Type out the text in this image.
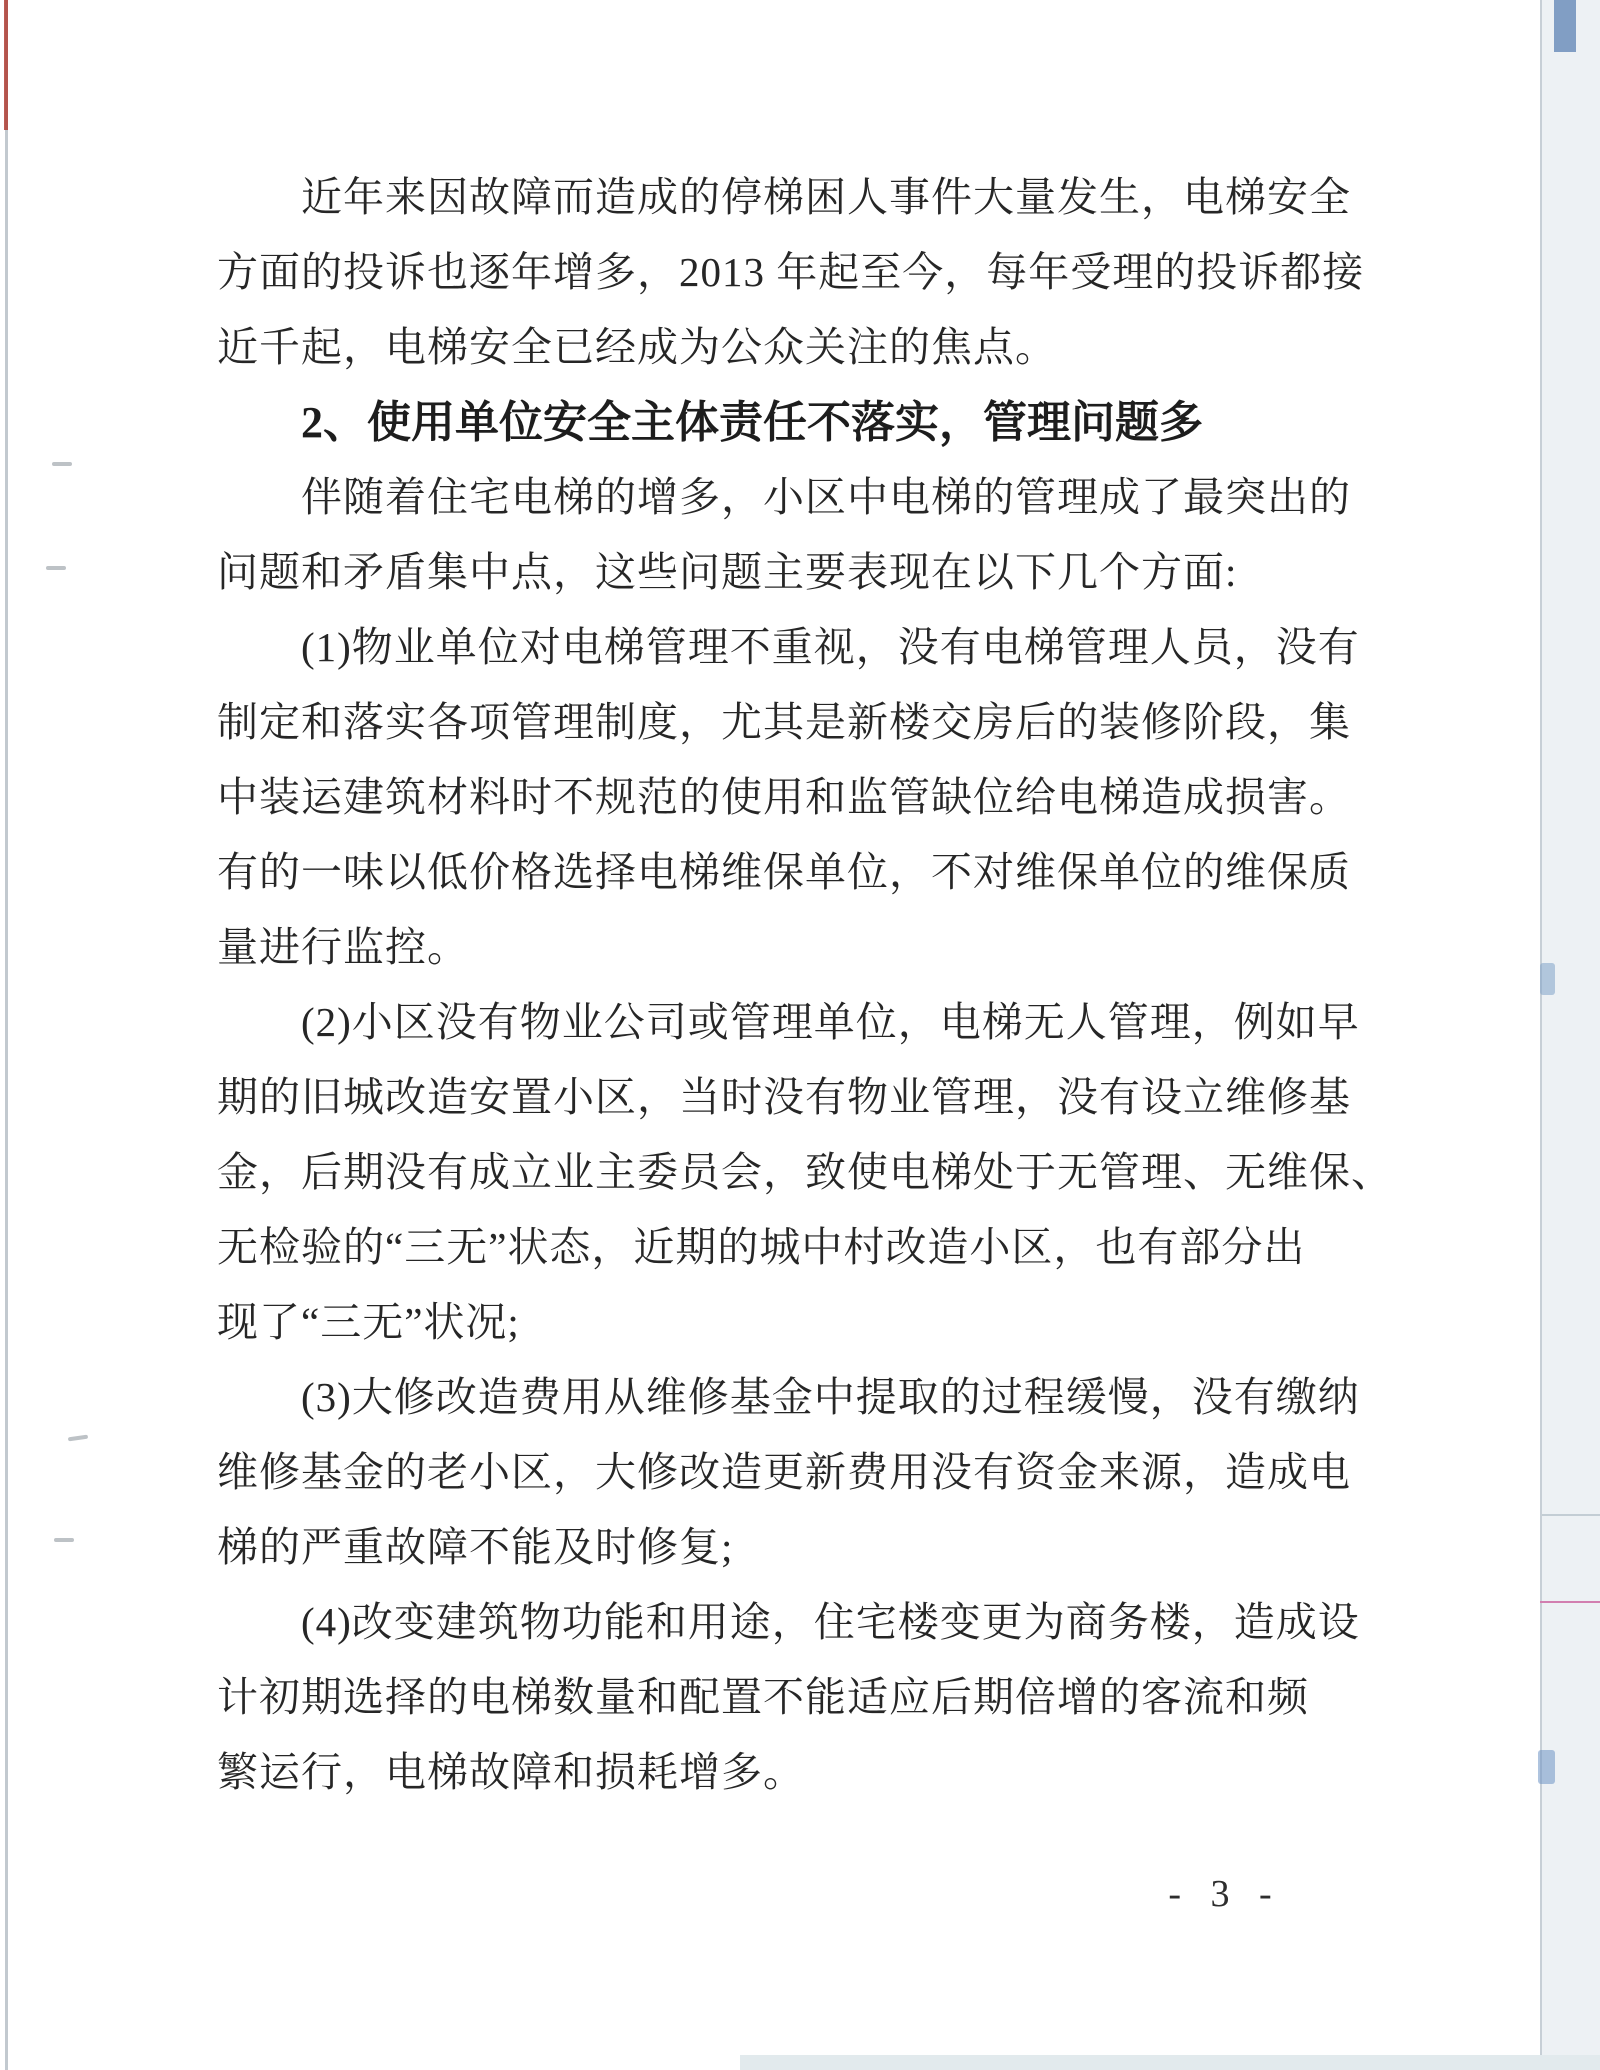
近年来因故障而造成的停梯困人事件大量发生，电梯安全
方面的投诉也逐年增多，2013 年起至今，每年受理的投诉都接
近千起，电梯安全已经成为公众关注的焦点。
2、使用单位安全主体责任不落实，管理问题多
伴随着住宅电梯的增多，小区中电梯的管理成了最突出的
问题和矛盾集中点，这些问题主要表现在以下几个方面:
(1)物业单位对电梯管理不重视，没有电梯管理人员，没有
制定和落实各项管理制度，尤其是新楼交房后的装修阶段，集
中装运建筑材料时不规范的使用和监管缺位给电梯造成损害。
有的一味以低价格选择电梯维保单位，不对维保单位的维保质
量进行监控。
(2)小区没有物业公司或管理单位，电梯无人管理，例如早
期的旧城改造安置小区，当时没有物业管理，没有设立维修基
金，后期没有成立业主委员会，致使电梯处于无管理、无维保、
无检验的“三无”状态，近期的城中村改造小区，也有部分出
现了“三无”状况;
(3)大修改造费用从维修基金中提取的过程缓慢，没有缴纳
维修基金的老小区，大修改造更新费用没有资金来源，造成电
梯的严重故障不能及时修复;
(4)改变建筑物功能和用途，住宅楼变更为商务楼，造成设
计初期选择的电梯数量和配置不能适应后期倍增的客流和频
繁运行，电梯故障和损耗增多。
- 3 -
